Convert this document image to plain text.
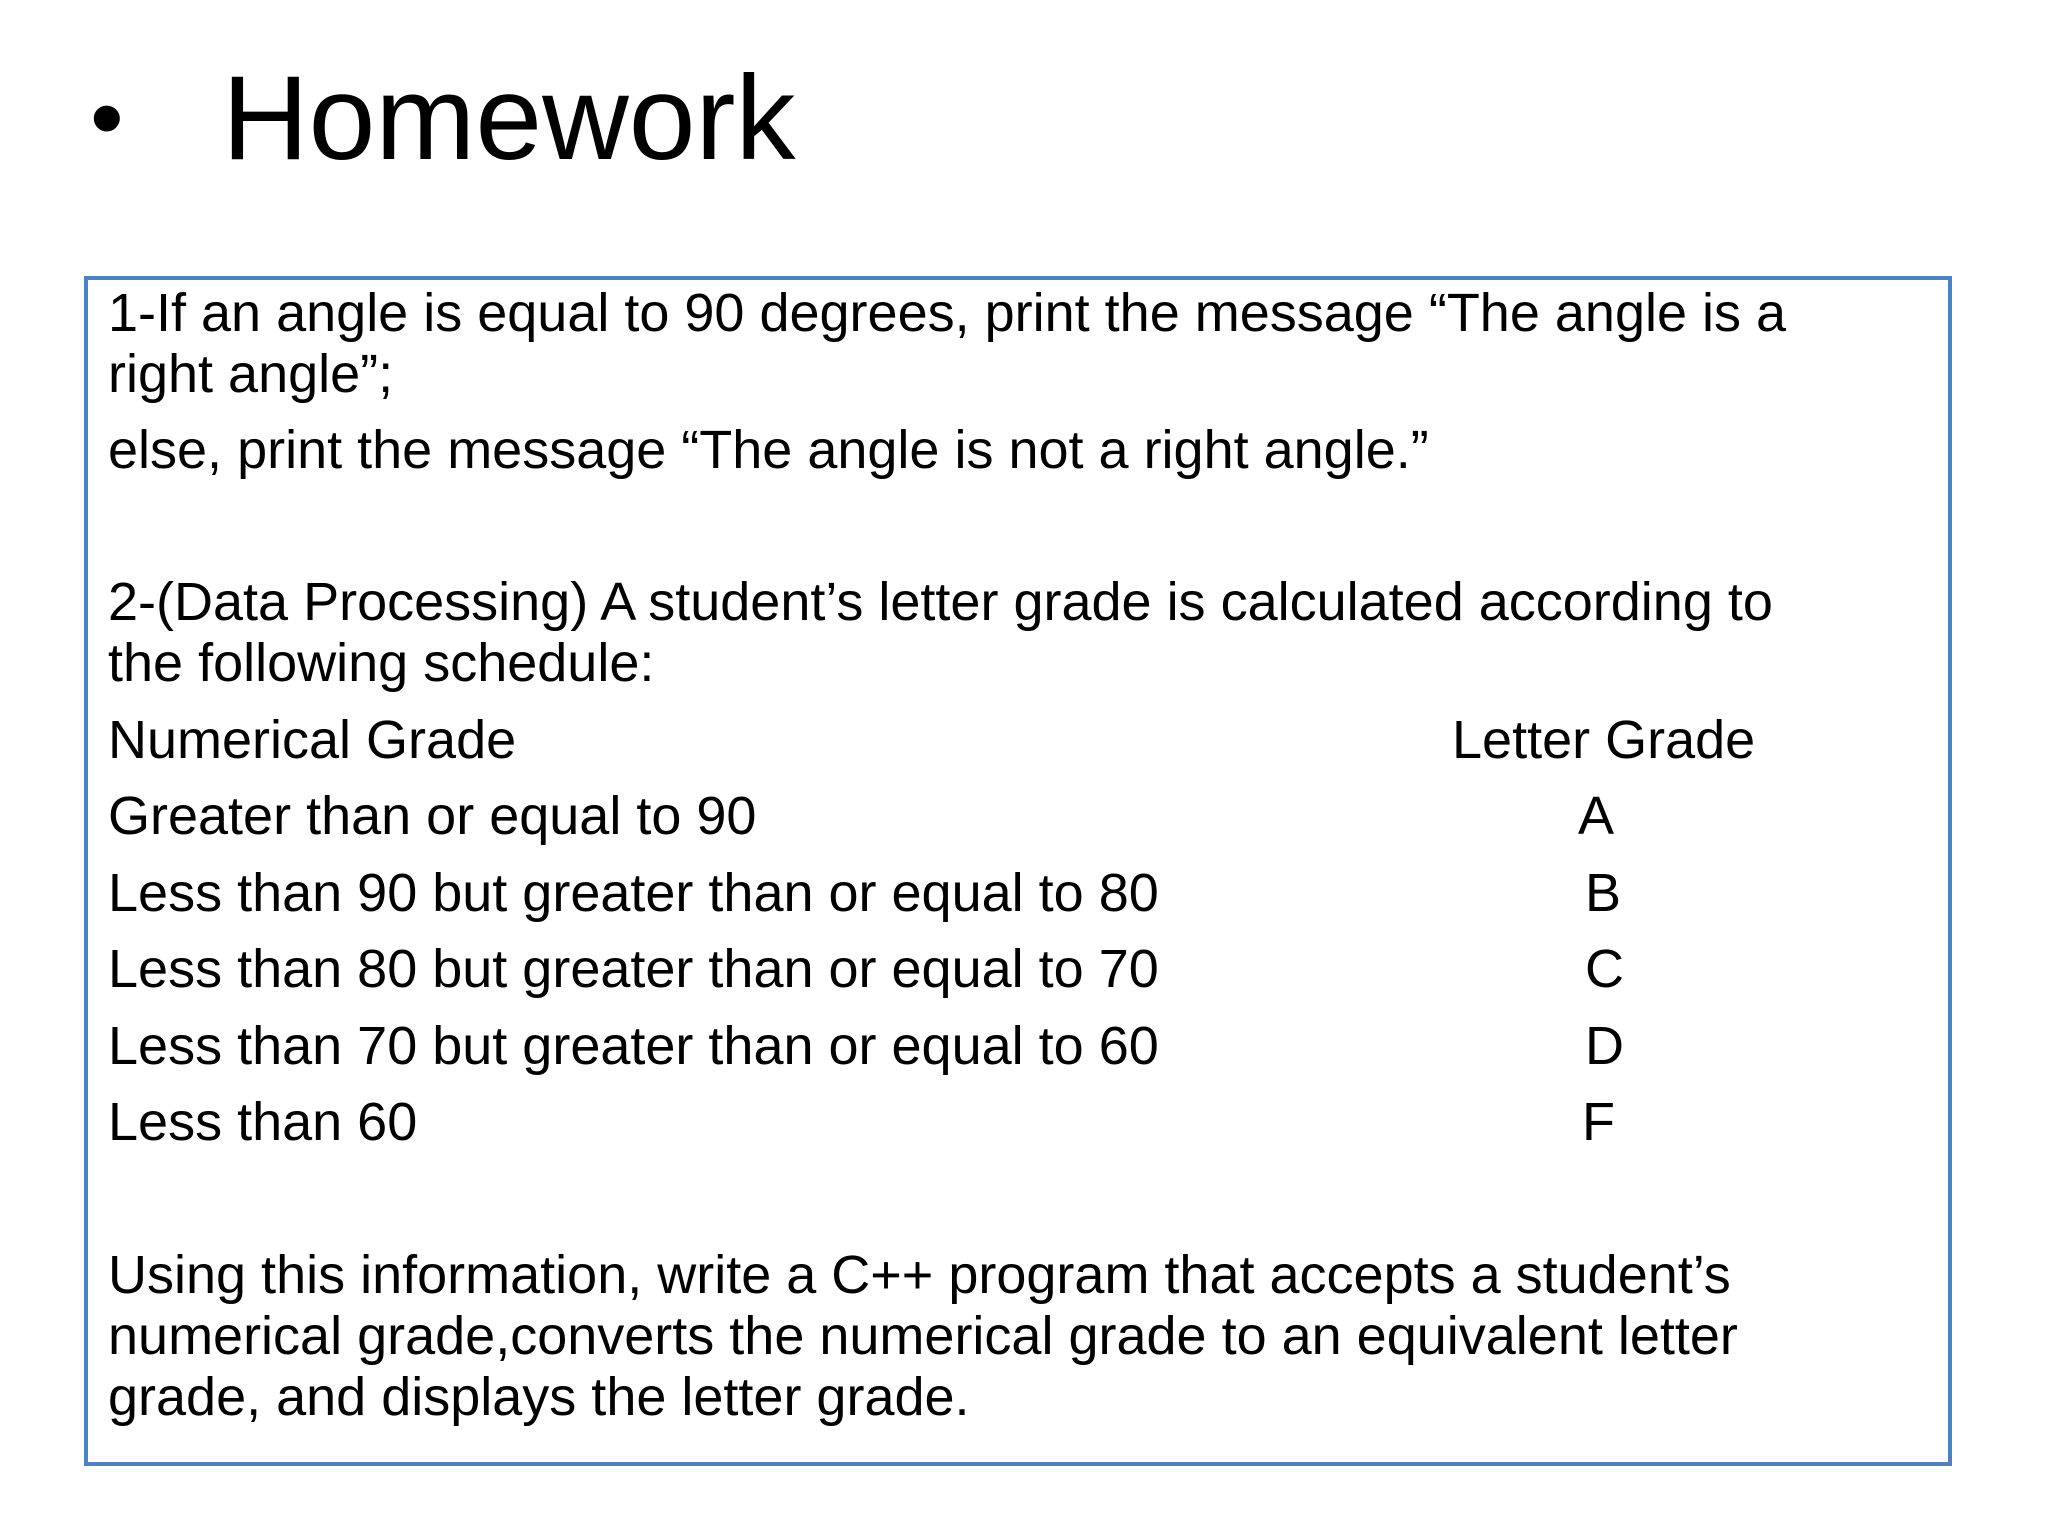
• Homework
1-If an angle is equal to 90 degrees, print the message “The angle is a
right angle”;
else, print the message “The angle is not a right angle.”
2-(Data Processing) A student’s letter grade is calculated according to
the following schedule:
Numerical Grade	Letter Grade
Greater than or equal to 90	A
Less than 90 but greater than or equal to 80	B
Less than 80 but greater than or equal to 70	C
Less than 70 but greater than or equal to 60	D
Less than 60	F
Using this information, write a C++ program that accepts a student’s
numerical grade,converts the numerical grade to an equivalent letter
grade, and displays the letter grade.
